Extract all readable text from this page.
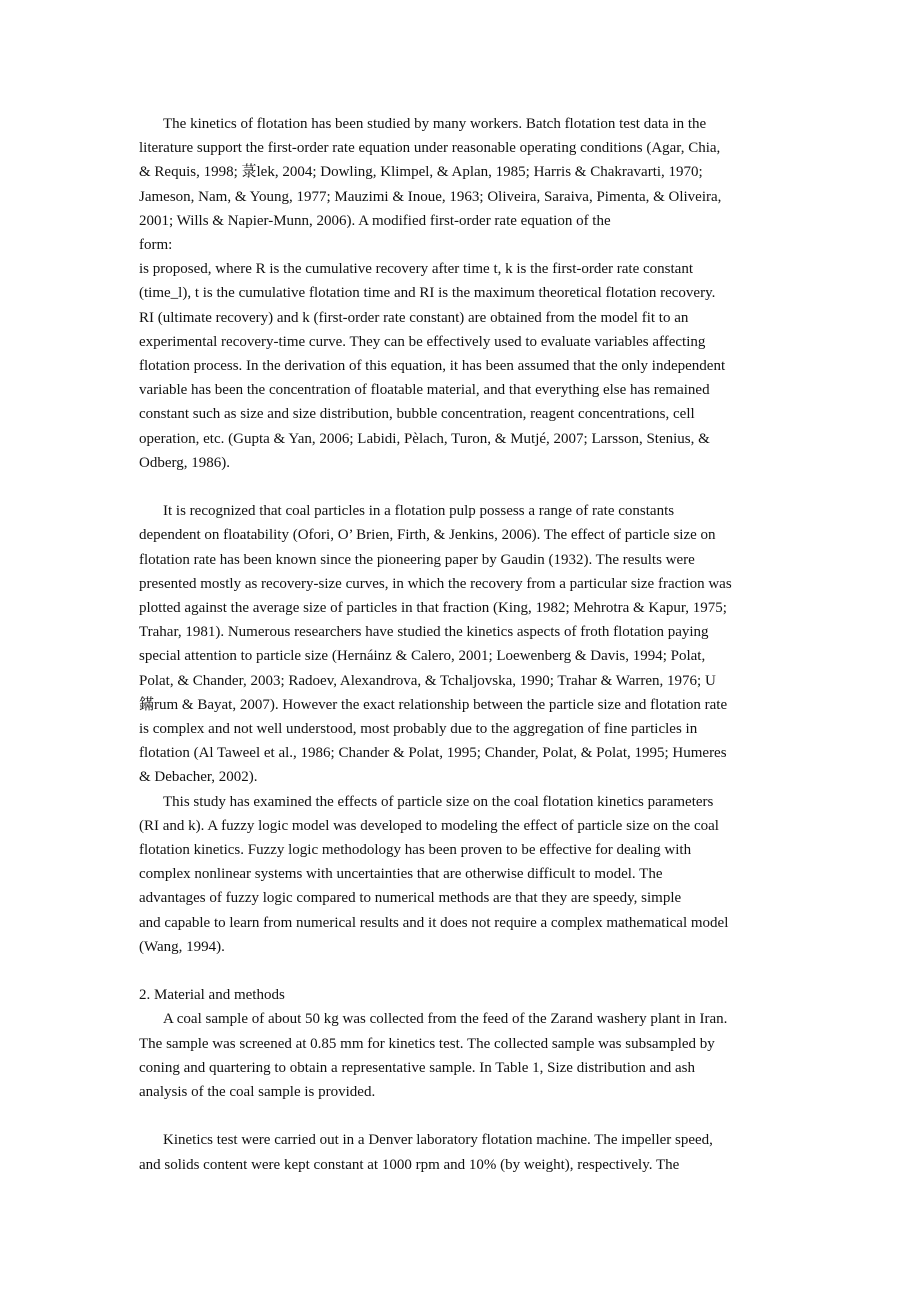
The kinetics of flotation has been studied by many workers. Batch flotation test data in the
literature support the first-order rate equation under reasonable operating conditions (Agar, Chia,
& Requis, 1998; 菉lek, 2004; Dowling, Klimpel, & Aplan, 1985; Harris & Chakravarti, 1970;
Jameson, Nam, & Young, 1977; Mauzimi & Inoue, 1963; Oliveira, Saraiva, Pimenta, & Oliveira,
2001; Wills & Napier-Munn, 2006). A modified first-order rate equation of the
form:
is proposed, where R is the cumulative recovery after time t, k is the first-order rate constant
(time_l), t is the cumulative flotation time and RI is the maximum theoretical flotation recovery.
RI (ultimate recovery) and k (first-order rate constant) are obtained from the model fit to an
experimental recovery-time curve. They can be effectively used to evaluate variables affecting
flotation process. In the derivation of this equation, it has been assumed that the only independent
variable has been the concentration of floatable material, and that everything else has remained
constant such as size and size distribution, bubble concentration, reagent concentrations, cell
operation, etc. (Gupta & Yan, 2006; Labidi, Pèlach, Turon, & Mutjé, 2007; Larsson, Stenius, &
Odberg, 1986).
It is recognized that coal particles in a flotation pulp possess a range of rate constants
dependent on floatability (Ofori, O’ Brien, Firth, & Jenkins, 2006). The effect of particle size on
flotation rate has been known since the pioneering paper by Gaudin (1932). The results were
presented mostly as recovery-size curves, in which the recovery from a particular size fraction was
plotted against the average size of particles in that fraction (King, 1982; Mehrotra & Kapur, 1975;
Trahar, 1981). Numerous researchers have studied the kinetics aspects of froth flotation paying
special attention to particle size (Hernáinz & Calero, 2001; Loewenberg & Davis, 1994; Polat,
Polat, & Chander, 2003; Radoev, Alexandrova, & Tchaljovska, 1990; Trahar & Warren, 1976; U
鏋rum & Bayat, 2007). However the exact relationship between the particle size and flotation rate
is complex and not well understood, most probably due to the aggregation of fine particles in
flotation (Al Taweel et al., 1986; Chander & Polat, 1995; Chander, Polat, & Polat, 1995; Humeres
& Debacher, 2002).
This study has examined the effects of particle size on the coal flotation kinetics parameters
(RI and k). A fuzzy logic model was developed to modeling the effect of particle size on the coal
flotation kinetics. Fuzzy logic methodology has been proven to be effective for dealing with
complex nonlinear systems with uncertainties that are otherwise difficult to model. The
advantages of fuzzy logic compared to numerical methods are that they are speedy, simple
and capable to learn from numerical results and it does not require a complex mathematical model
(Wang, 1994).
2. Material and methods
A coal sample of about 50 kg was collected from the feed of the Zarand washery plant in Iran.
The sample was screened at 0.85 mm for kinetics test. The collected sample was subsampled by
coning and quartering to obtain a representative sample. In Table 1, Size distribution and ash
analysis of the coal sample is provided.
Kinetics test were carried out in a Denver laboratory flotation machine. The impeller speed,
and solids content were kept constant at 1000 rpm and 10% (by weight), respectively. The
